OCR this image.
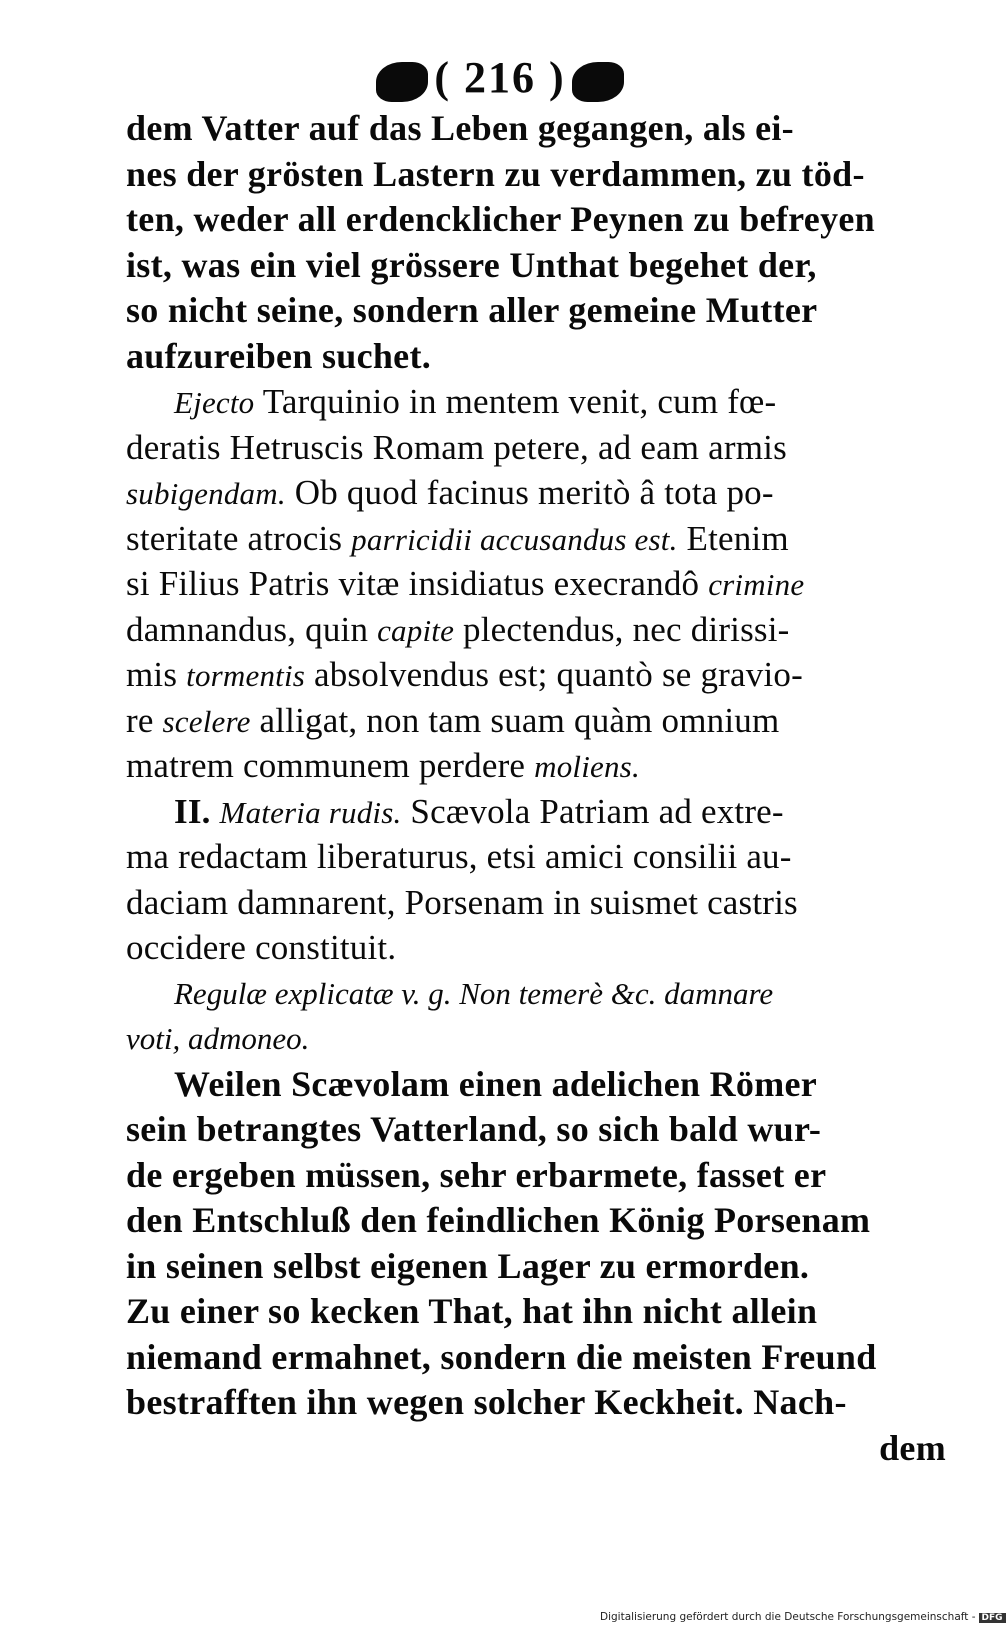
( 216 )
dem Vatter auf das Leben gegangen, als ei-
nes der grösten Lastern zu verdammen, zu töd-
ten, weder all erdencklicher Peynen zu befreyen
ist, was ein viel grössere Unthat begehet der,
so nicht seine, sondern aller gemeine Mutter
aufzureiben suchet.
Ejecto Tarquinio in mentem venit, cum fœ-
deratis Hetruscis Romam petere, ad eam armis
subigendam. Ob quod facinus meritò â tota po-
steritate atrocis parricidii accusandus est. Etenim
si Filius Patris vitæ insidiatus execrandô crimine
damnandus, quin capite plectendus, nec dirissi-
mis tormentis absolvendus est; quantò se gravio-
re scelere alligat, non tam suam quàm omnium
matrem communem perdere moliens.
II. Materia rudis. Scævola Patriam ad extre-
ma redactam liberaturus, etsi amici consilii au-
daciam damnarent, Porsenam in suismet castris
occidere constituit.
Regulæ explicatæ v. g. Non temerè &c. damnare
voti, admoneo.
Weilen Scævolam einen adelichen Römer
sein betrangtes Vatterland, so sich bald wur-
de ergeben müssen, sehr erbarmete, fasset er
den Entschluß den feindlichen König Porsenam
in seinen selbst eigenen Lager zu ermorden.
Zu einer so kecken That, hat ihn nicht allein
niemand ermahnet, sondern die meisten Freund
bestrafften ihn wegen solcher Keckheit. Nach-
dem
Digitalisierung gefördert durch die Deutsche Forschungsgemeinschaft - DFG
